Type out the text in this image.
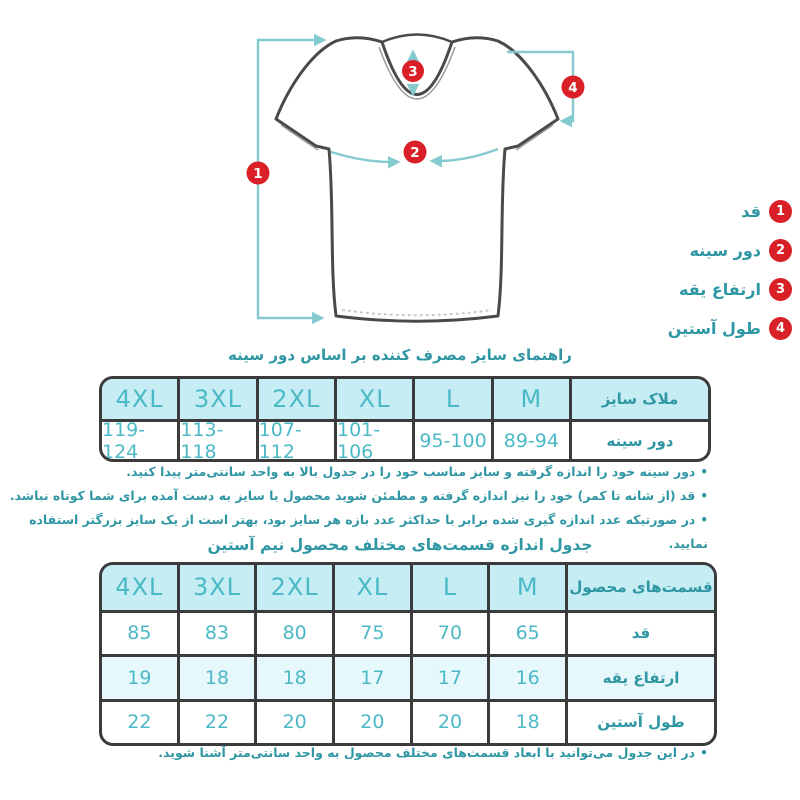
1
2
3
4
1
قد
2
دور سینه
3
ارتفاع یقه
4
طول آستین
راهنمای سایز مصرف کننده بر اساس دور سینه
ملاک سایز
M
L
XL
2XL
3XL
4XL
دور سینه
89-94
95-100
101-106
107-112
113-118
119-124
•دور سینه خود را اندازه گرفته و سایز مناسب خود را در جدول بالا به واحد سانتی‌متر پیدا کنید.
•قد (از شانه تا کمر) خود را نیز اندازه گرفته و مطمئن شوید محصول با سایز به دست آمده برای شما کوتاه نباشد.
•در صورتیکه عدد اندازه گیری شده برابر با حداکثر عدد بازه هر سایز بود، بهتر است از یک سایز بزرگتر استفاده نمایید.
جدول اندازه قسمت‌های مختلف محصول نیم آستین
قسمت‌های محصول
M
L
XL
2XL
3XL
4XL
قد
65
70
75
80
83
85
ارتفاع یقه
16
17
17
18
18
19
طول آستین
18
20
20
20
22
22
•در این جدول می‌توانید با ابعاد قسمت‌های مختلف محصول به واحد سانتی‌متر آشنا شوید.
